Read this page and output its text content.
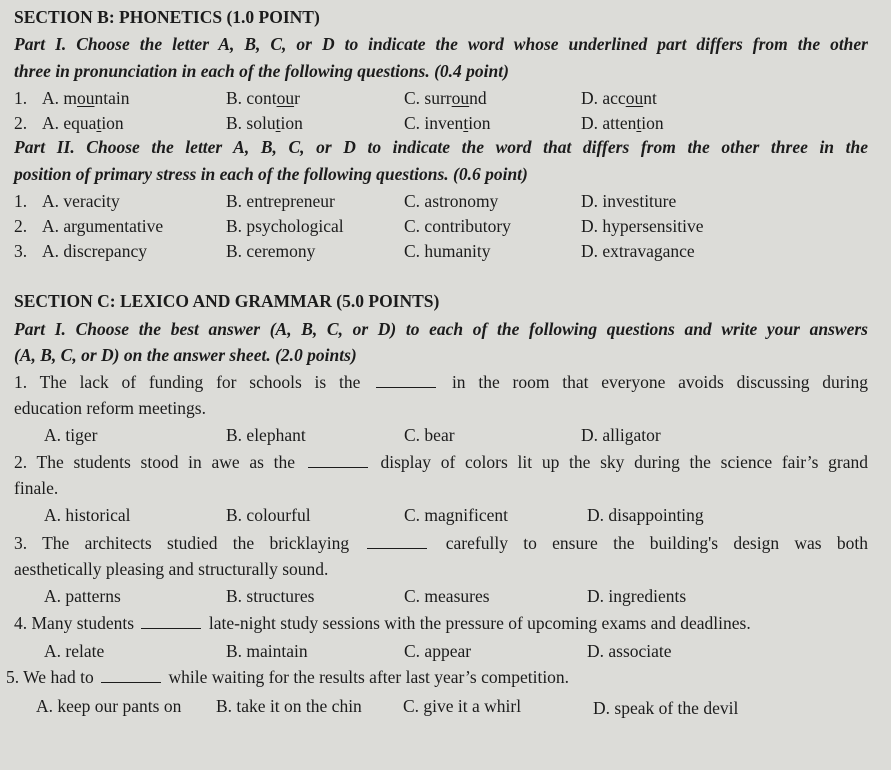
SECTION B: PHONETICS (1.0 POINT)
Part I. Choose the letter A, B, C, or D to indicate the word whose underlined part differs from the other
three in pronunciation in each of the following questions. (0.4 point)
1. A. mountain	B. contour	C. surround	D. account
2. A. equation	B. solution	C. invention	D. attention
Part II. Choose the letter A, B, C, or D to indicate the word that differs from the other three in the
position of primary stress in each of the following questions. (0.6 point)
1. A. veracity	B. entrepreneur	C. astronomy	D. investiture
2. A. argumentative	B. psychological	C. contributory	D. hypersensitive
3. A. discrepancy	B. ceremony	C. humanity	D. extravagance
SECTION C: LEXICO AND GRAMMAR (5.0 POINTS)
Part I. Choose the best answer (A, B, C, or D) to each of the following questions and write your answers
(A, B, C, or D) on the answer sheet. (2.0 points)
1. The lack of funding for schools is the	in the room that everyone avoids discussing during
education reform meetings.
A. tiger	B. elephant	C. bear	D. alligator
2. The students stood in awe as the	display of colors lit up the sky during the science fair’s grand
finale.
A. historical	B. colourful	C. magnificent	D. disappointing
3. The architects studied the bricklaying	carefully to ensure the building's design was both
aesthetically pleasing and structurally sound.
A. patterns	B. structures	C. measures	D. ingredients
4. Many students	late-night study sessions with the pressure of upcoming exams and deadlines.
A. relate	B. maintain	C. appear	D. associate
5. We had to	while waiting for the results after last year’s competition.
A. keep our pants on B. take it on the chin C. give it a whirl	D. speak of the devil
